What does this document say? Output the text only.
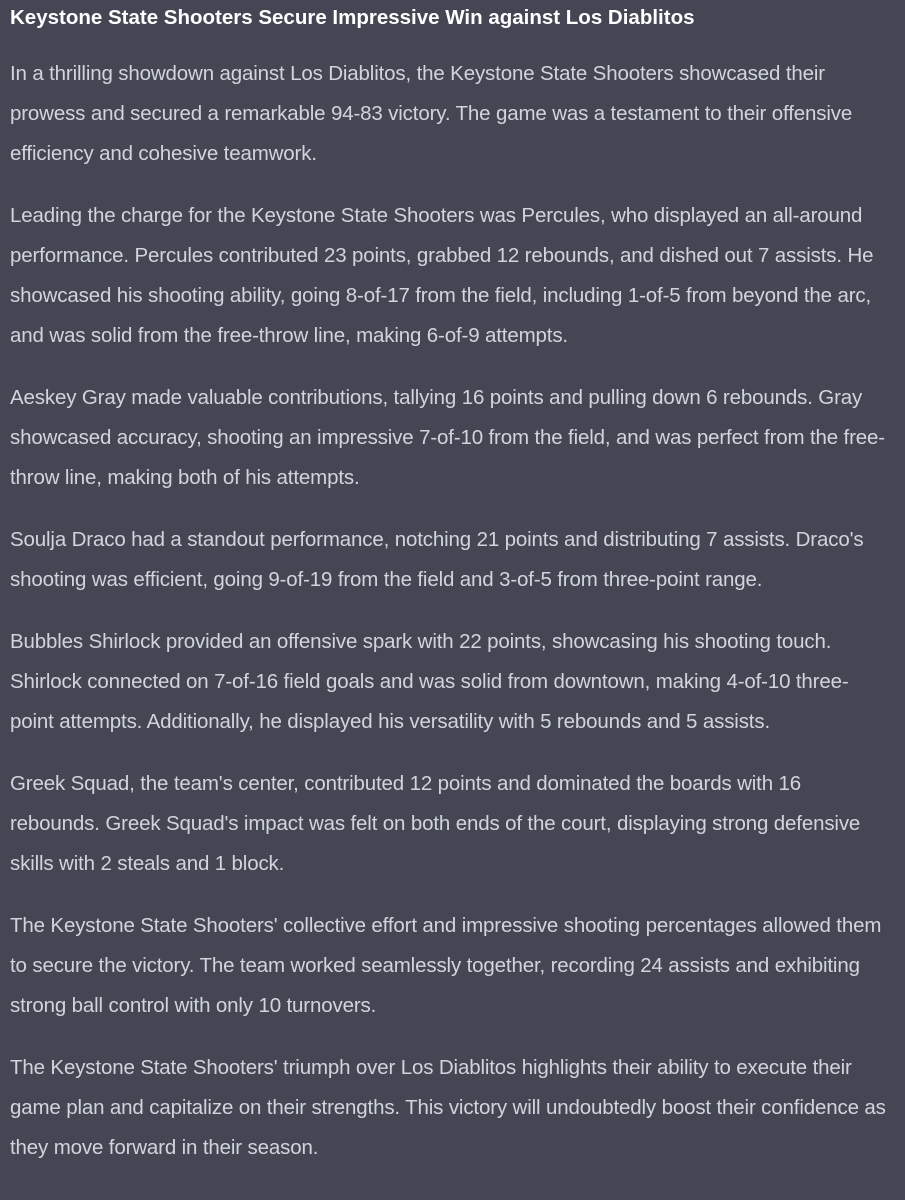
Keystone State Shooters Secure Impressive Win against Los Diablitos

In a thrilling showdown against Los Diablitos, the Keystone State Shooters showcased their prowess and secured a remarkable 94-83 victory. The game was a testament to their offensive efficiency and cohesive teamwork.

Leading the charge for the Keystone State Shooters was Percules, who displayed an all-around performance. Percules contributed 23 points, grabbed 12 rebounds, and dished out 7 assists. He showcased his shooting ability, going 8-of-17 from the field, including 1-of-5 from beyond the arc, and was solid from the free-throw line, making 6-of-9 attempts.

Aeskey Gray made valuable contributions, tallying 16 points and pulling down 6 rebounds. Gray showcased accuracy, shooting an impressive 7-of-10 from the field, and was perfect from the free-throw line, making both of his attempts.

Soulja Draco had a standout performance, notching 21 points and distributing 7 assists. Draco's shooting was efficient, going 9-of-19 from the field and 3-of-5 from three-point range.

Bubbles Shirlock provided an offensive spark with 22 points, showcasing his shooting touch. Shirlock connected on 7-of-16 field goals and was solid from downtown, making 4-of-10 three-point attempts. Additionally, he displayed his versatility with 5 rebounds and 5 assists.

Greek Squad, the team's center, contributed 12 points and dominated the boards with 16 rebounds. Greek Squad's impact was felt on both ends of the court, displaying strong defensive skills with 2 steals and 1 block.

The Keystone State Shooters' collective effort and impressive shooting percentages allowed them to secure the victory. The team worked seamlessly together, recording 24 assists and exhibiting strong ball control with only 10 turnovers.

The Keystone State Shooters' triumph over Los Diablitos highlights their ability to execute their game plan and capitalize on their strengths. This victory will undoubtedly boost their confidence as they move forward in their season.
